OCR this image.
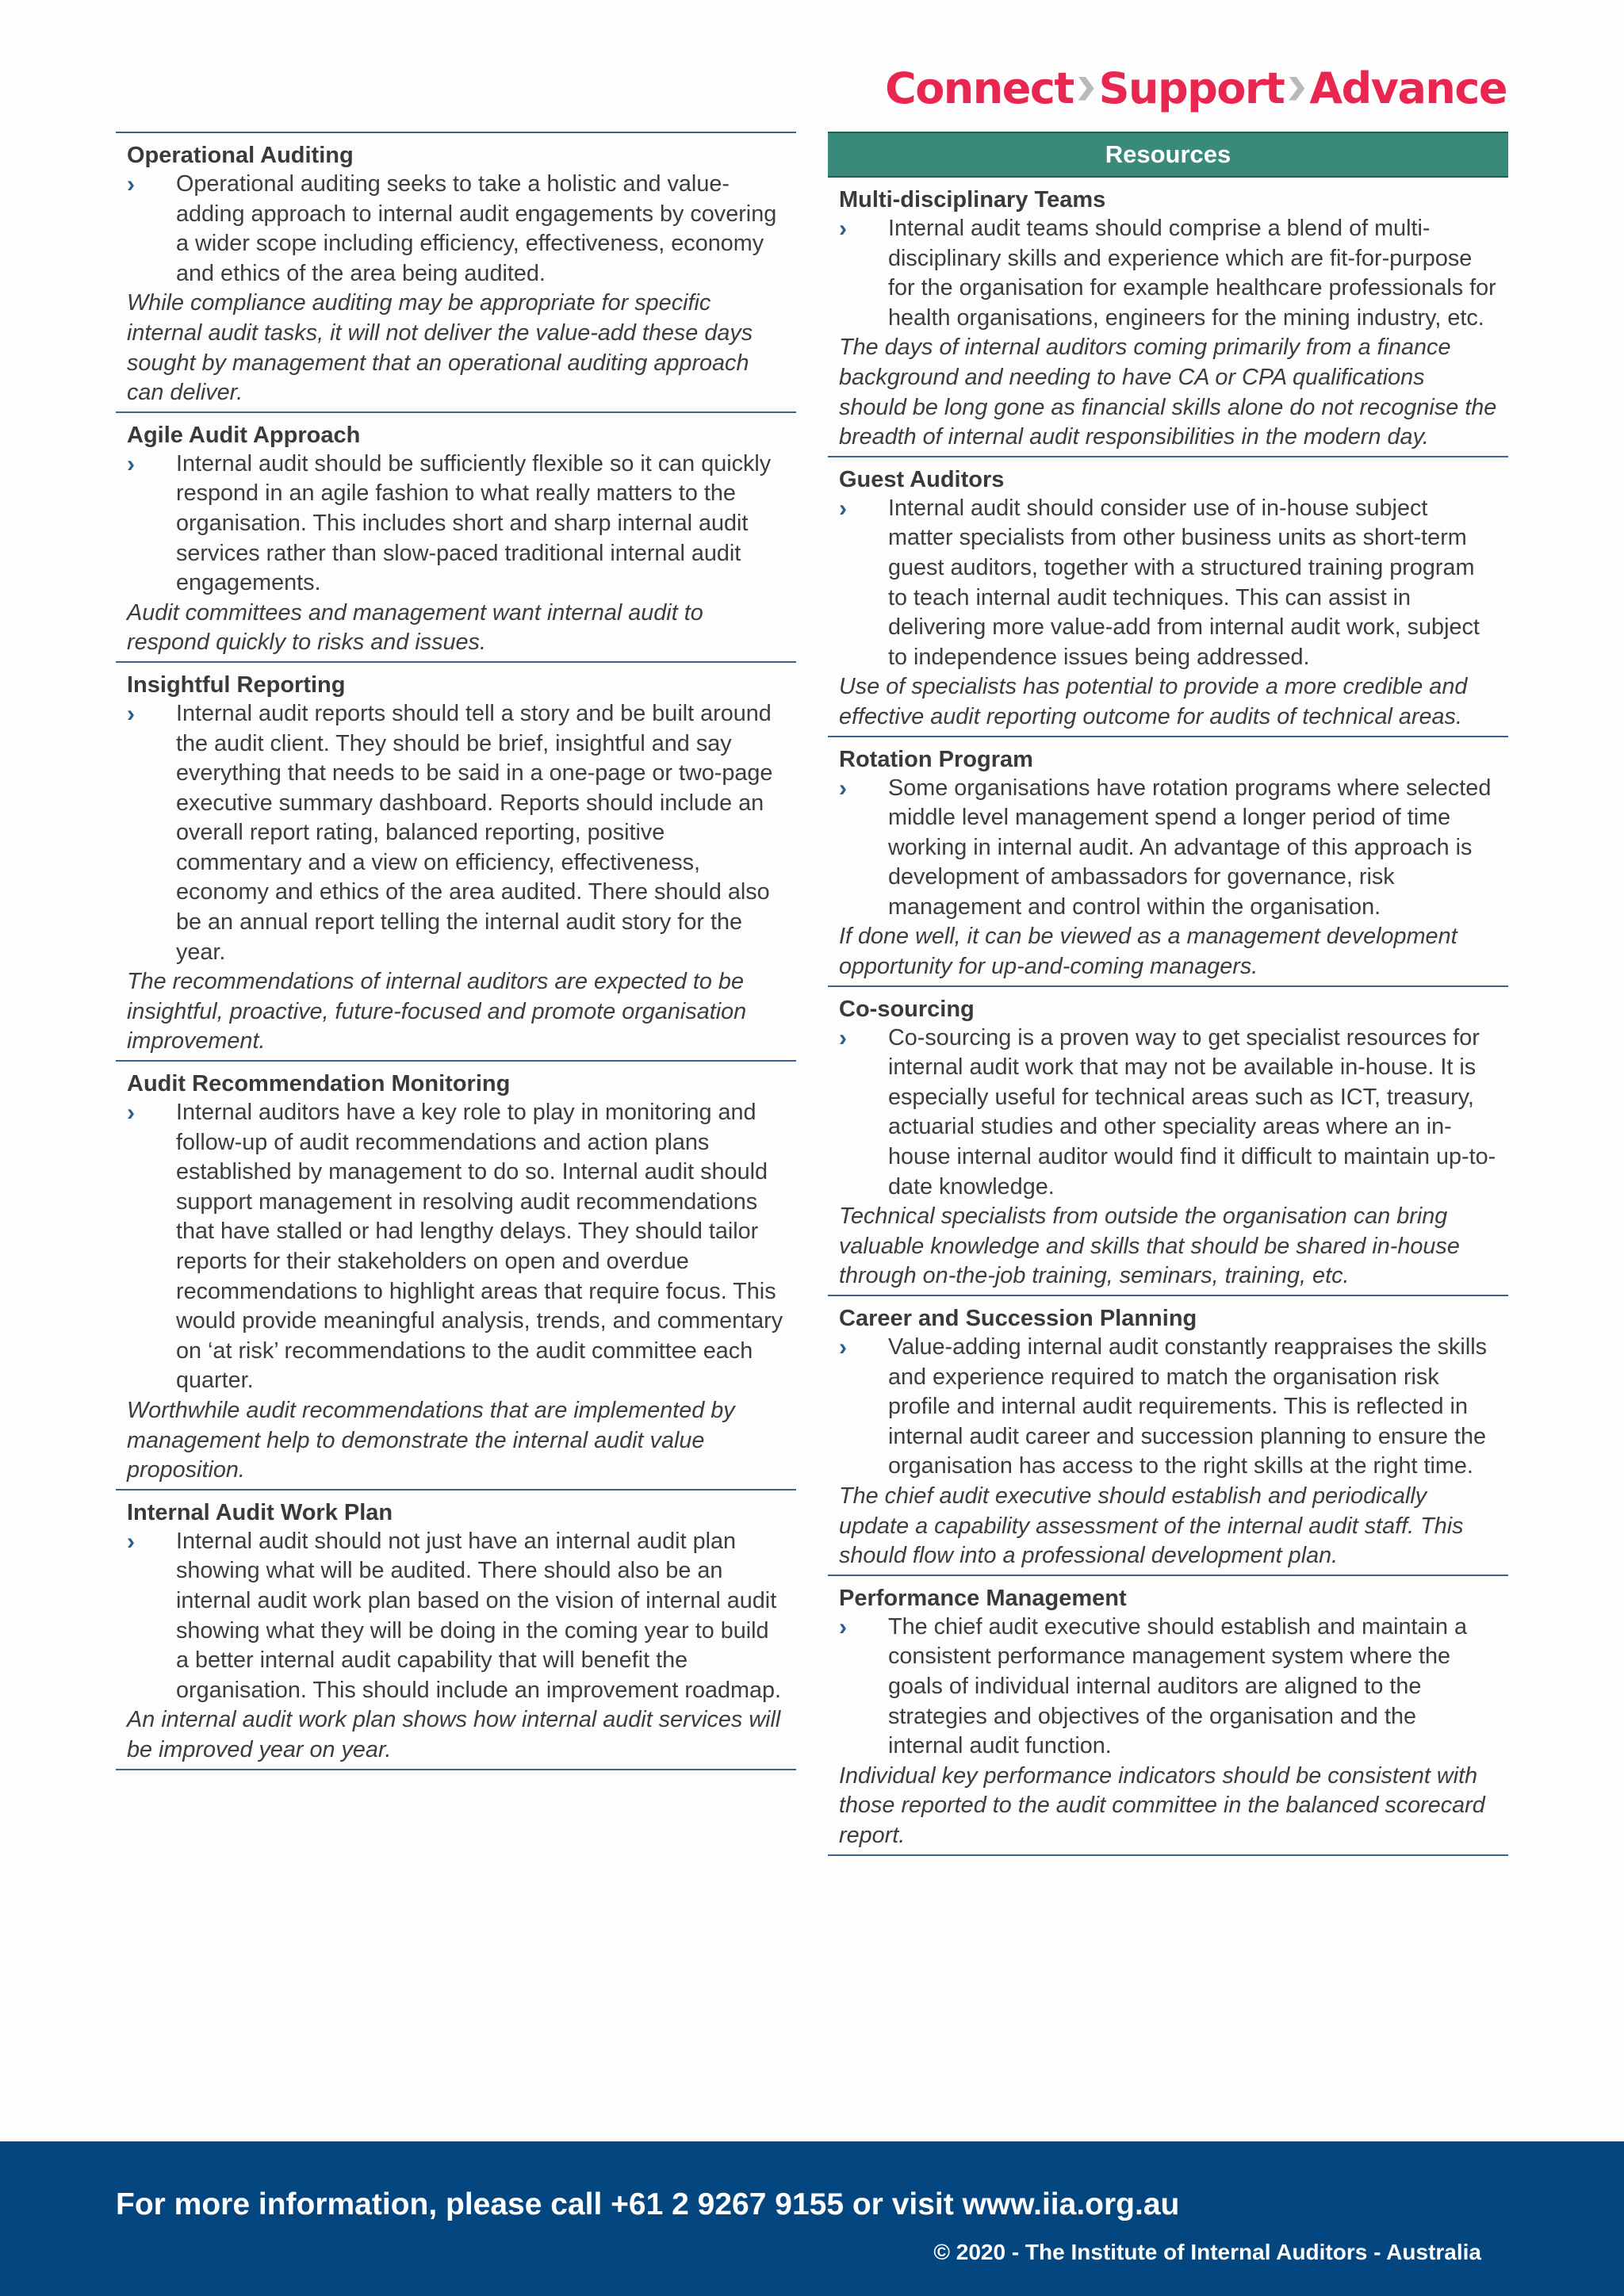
Connect Support Advance
Operational Auditing
›	Operational auditing seeks to take a holistic and value-adding approach to internal audit engagements by covering a wider scope including efficiency, effectiveness, economy and ethics of the area being audited.
While compliance auditing may be appropriate for specific internal audit tasks, it will not deliver the value-add these days sought by management that an operational auditing approach can deliver.
Agile Audit Approach
›	Internal audit should be sufficiently flexible so it can quickly respond in an agile fashion to what really matters to the organisation. This includes short and sharp internal audit services rather than slow-paced traditional internal audit engagements.
Audit committees and management want internal audit to respond quickly to risks and issues.
Insightful Reporting
›	Internal audit reports should tell a story and be built around the audit client. They should be brief, insightful and say everything that needs to be said in a one-page or two-page executive summary dashboard. Reports should include an overall report rating, balanced reporting, positive commentary and a view on efficiency, effectiveness, economy and ethics of the area audited. There should also be an annual report telling the internal audit story for the year.
The recommendations of internal auditors are expected to be insightful, proactive, future-focused and promote organisation improvement.
Audit Recommendation Monitoring
›	Internal auditors have a key role to play in monitoring and follow-up of audit recommendations and action plans established by management to do so. Internal audit should support management in resolving audit recommendations that have stalled or had lengthy delays. They should tailor reports for their stakeholders on open and overdue recommendations to highlight areas that require focus. This would provide meaningful analysis, trends, and commentary on ‘at risk’ recommendations to the audit committee each quarter.
Worthwhile audit recommendations that are implemented by management help to demonstrate the internal audit value proposition.
Internal Audit Work Plan
›	Internal audit should not just have an internal audit plan showing what will be audited. There should also be an internal audit work plan based on the vision of internal audit showing what they will be doing in the coming year to build a better internal audit capability that will benefit the organisation. This should include an improvement roadmap.
An internal audit work plan shows how internal audit services will be improved year on year.
Resources
Multi-disciplinary Teams
›	Internal audit teams should comprise a blend of multi-disciplinary skills and experience which are fit-for-purpose for the organisation for example healthcare professionals for health organisations, engineers for the mining industry, etc.
The days of internal auditors coming primarily from a finance background and needing to have CA or CPA qualifications should be long gone as financial skills alone do not recognise the breadth of internal audit responsibilities in the modern day.
Guest Auditors
›	Internal audit should consider use of in-house subject matter specialists from other business units as short-term guest auditors, together with a structured training program to teach internal audit techniques. This can assist in delivering more value-add from internal audit work, subject to independence issues being addressed.
Use of specialists has potential to provide a more credible and effective audit reporting outcome for audits of technical areas.
Rotation Program
›	Some organisations have rotation programs where selected middle level management spend a longer period of time working in internal audit. An advantage of this approach is development of ambassadors for governance, risk management and control within the organisation.
If done well, it can be viewed as a management development opportunity for up-and-coming managers.
Co-sourcing
›	Co-sourcing is a proven way to get specialist resources for internal audit work that may not be available in-house. It is especially useful for technical areas such as ICT, treasury, actuarial studies and other speciality areas where an in-house internal auditor would find it difficult to maintain up-to-date knowledge.
Technical specialists from outside the organisation can bring valuable knowledge and skills that should be shared in-house through on-the-job training, seminars, training, etc.
Career and Succession Planning
›	Value-adding internal audit constantly reappraises the skills and experience required to match the organisation risk profile and internal audit requirements. This is reflected in internal audit career and succession planning to ensure the organisation has access to the right skills at the right time.
The chief audit executive should establish and periodically update a capability assessment of the internal audit staff. This should flow into a professional development plan.
Performance Management
›	The chief audit executive should establish and maintain a consistent performance management system where the goals of individual internal auditors are aligned to the strategies and objectives of the organisation and the internal audit function.
Individual key performance indicators should be consistent with those reported to the audit committee in the balanced scorecard report.
For more information, please call +61 2 9267 9155 or visit www.iia.org.au
© 2020 - The Institute of Internal Auditors - Australia
